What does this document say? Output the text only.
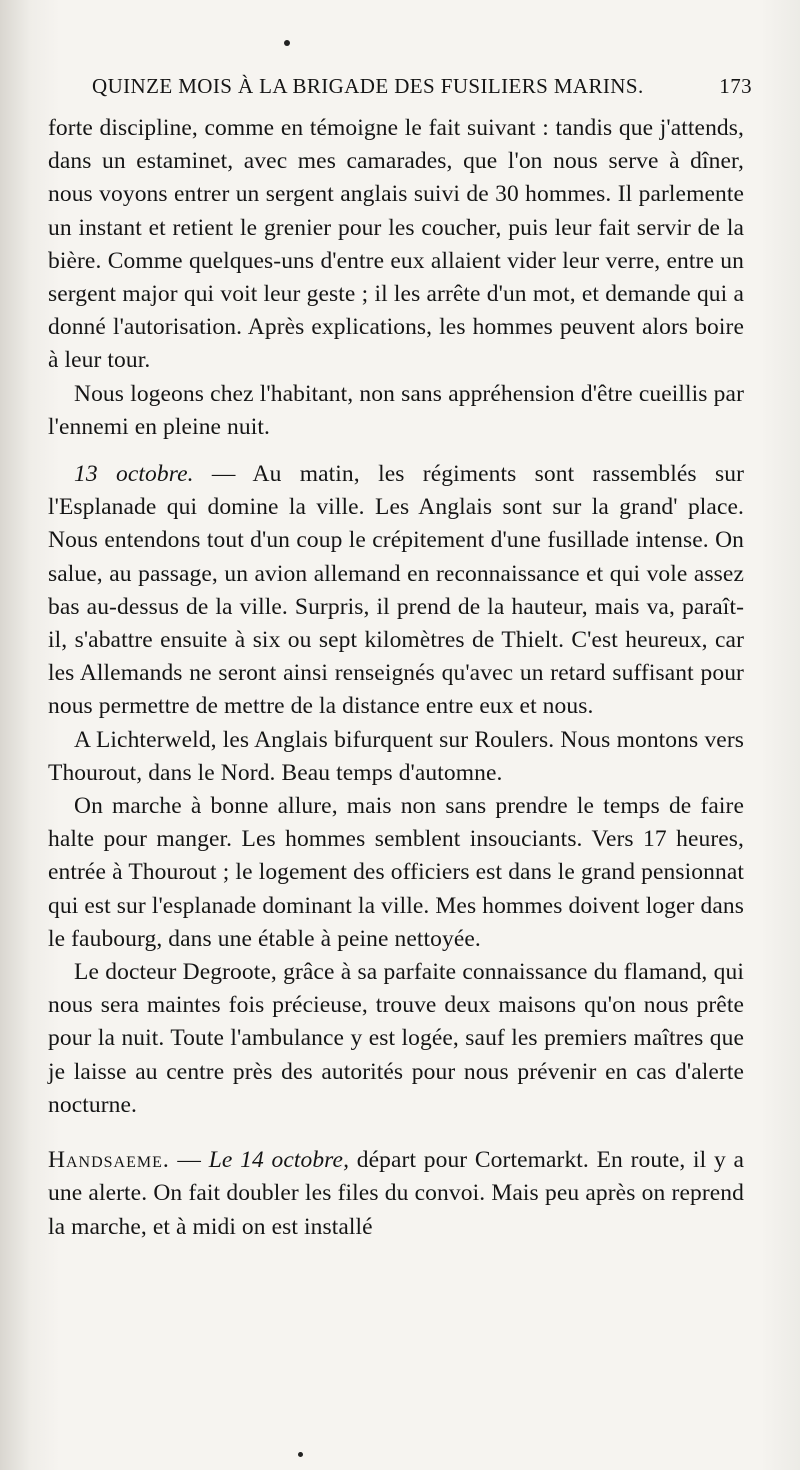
QUINZE MOIS À LA BRIGADE DES FUSILIERS MARINS.	173

forte discipline, comme en témoigne le fait suivant : tandis que j'attends, dans un estaminet, avec mes camarades, que l'on nous serve à dîner, nous voyons entrer un sergent anglais suivi de 30 hommes. Il parlemente un instant et retient le grenier pour les coucher, puis leur fait servir de la bière. Comme quelques-uns d'entre eux allaient vider leur verre, entre un sergent major qui voit leur geste ; il les arrête d'un mot, et demande qui a donné l'autorisation. Après explications, les hommes peuvent alors boire à leur tour.

Nous logeons chez l'habitant, non sans appréhension d'être cueillis par l'ennemi en pleine nuit.

13 octobre. — Au matin, les régiments sont rassemblés sur l'Esplanade qui domine la ville. Les Anglais sont sur la grand' place. Nous entendons tout d'un coup le crépitement d'une fusillade intense. On salue, au passage, un avion allemand en reconnaissance et qui vole assez bas au-dessus de la ville. Surpris, il prend de la hauteur, mais va, paraît-il, s'abattre ensuite à six ou sept kilomètres de Thielt. C'est heureux, car les Allemands ne seront ainsi renseignés qu'avec un retard suffisant pour nous permettre de mettre de la distance entre eux et nous.

A Lichterweld, les Anglais bifurquent sur Roulers. Nous montons vers Thourout, dans le Nord. Beau temps d'automne.

On marche à bonne allure, mais non sans prendre le temps de faire halte pour manger. Les hommes semblent insouciants. Vers 17 heures, entrée à Thourout ; le logement des officiers est dans le grand pensionnat qui est sur l'esplanade dominant la ville. Mes hommes doivent loger dans le faubourg, dans une étable à peine nettoyée.

Le docteur Degroote, grâce à sa parfaite connaissance du flamand, qui nous sera maintes fois précieuse, trouve deux maisons qu'on nous prête pour la nuit. Toute l'ambulance y est logée, sauf les premiers maîtres que je laisse au centre près des autorités pour nous prévenir en cas d'alerte nocturne.

Handsaeme. — Le 14 octobre, départ pour Cortemarkt. En route, il y a une alerte. On fait doubler les files du convoi. Mais peu après on reprend la marche, et à midi on est installé
